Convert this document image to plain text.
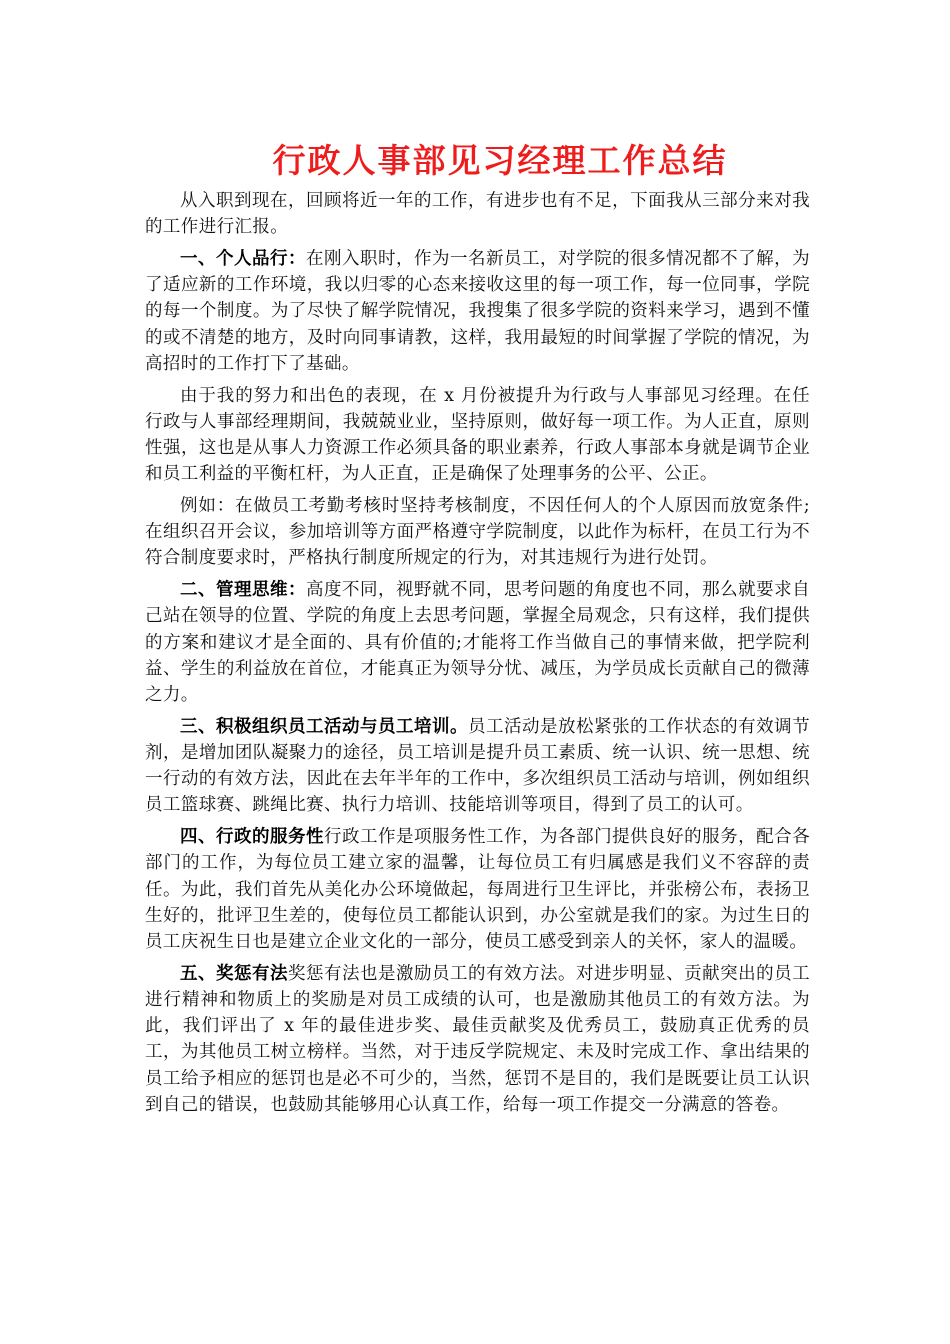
行政人事部见习经理工作总结

从入职到现在，回顾将近一年的工作，有进步也有不足，下面我从三部分来对我的工作进行汇报。

一、个人品行：在刚入职时，作为一名新员工，对学院的很多情况都不了解，为了适应新的工作环境，我以归零的心态来接收这里的每一项工作，每一位同事，学院的每一个制度。为了尽快了解学院情况，我搜集了很多学院的资料来学习，遇到不懂的或不清楚的地方，及时向同事请教，这样，我用最短的时间掌握了学院的情况，为高招时的工作打下了基础。

由于我的努力和出色的表现，在 x 月份被提升为行政与人事部见习经理。在任行政与人事部经理期间，我兢兢业业，坚持原则，做好每一项工作。为人正直，原则性强，这也是从事人力资源工作必须具备的职业素养，行政人事部本身就是调节企业和员工利益的平衡杠杆，为人正直，正是确保了处理事务的公平、公正。

例如：在做员工考勤考核时坚持考核制度，不因任何人的个人原因而放宽条件;在组织召开会议，参加培训等方面严格遵守学院制度，以此作为标杆，在员工行为不符合制度要求时，严格执行制度所规定的行为，对其违规行为进行处罚。

二、管理思维：高度不同，视野就不同，思考问题的角度也不同，那么就要求自己站在领导的位置、学院的角度上去思考问题，掌握全局观念，只有这样，我们提供的方案和建议才是全面的、具有价值的;才能将工作当做自己的事情来做，把学院利益、学生的利益放在首位，才能真正为领导分忧、减压，为学员成长贡献自己的微薄之力。

三、积极组织员工活动与员工培训。员工活动是放松紧张的工作状态的有效调节剂，是增加团队凝聚力的途径，员工培训是提升员工素质、统一认识、统一思想、统一行动的有效方法，因此在去年半年的工作中，多次组织员工活动与培训，例如组织员工篮球赛、跳绳比赛、执行力培训、技能培训等项目，得到了员工的认可。

四、行政的服务性行政工作是项服务性工作，为各部门提供良好的服务，配合各部门的工作，为每位员工建立家的温馨，让每位员工有归属感是我们义不容辞的责任。为此，我们首先从美化办公环境做起，每周进行卫生评比，并张榜公布，表扬卫生好的，批评卫生差的，使每位员工都能认识到，办公室就是我们的家。为过生日的员工庆祝生日也是建立企业文化的一部分，使员工感受到亲人的关怀，家人的温暖。

五、奖惩有法奖惩有法也是激励员工的有效方法。对进步明显、贡献突出的员工进行精神和物质上的奖励是对员工成绩的认可，也是激励其他员工的有效方法。为此，我们评出了 x 年的最佳进步奖、最佳贡献奖及优秀员工，鼓励真正优秀的员工，为其他员工树立榜样。当然，对于违反学院规定、未及时完成工作、拿出结果的员工给予相应的惩罚也是必不可少的，当然，惩罚不是目的，我们是既要让员工认识到自己的错误，也鼓励其能够用心认真工作，给每一项工作提交一分满意的答卷。
